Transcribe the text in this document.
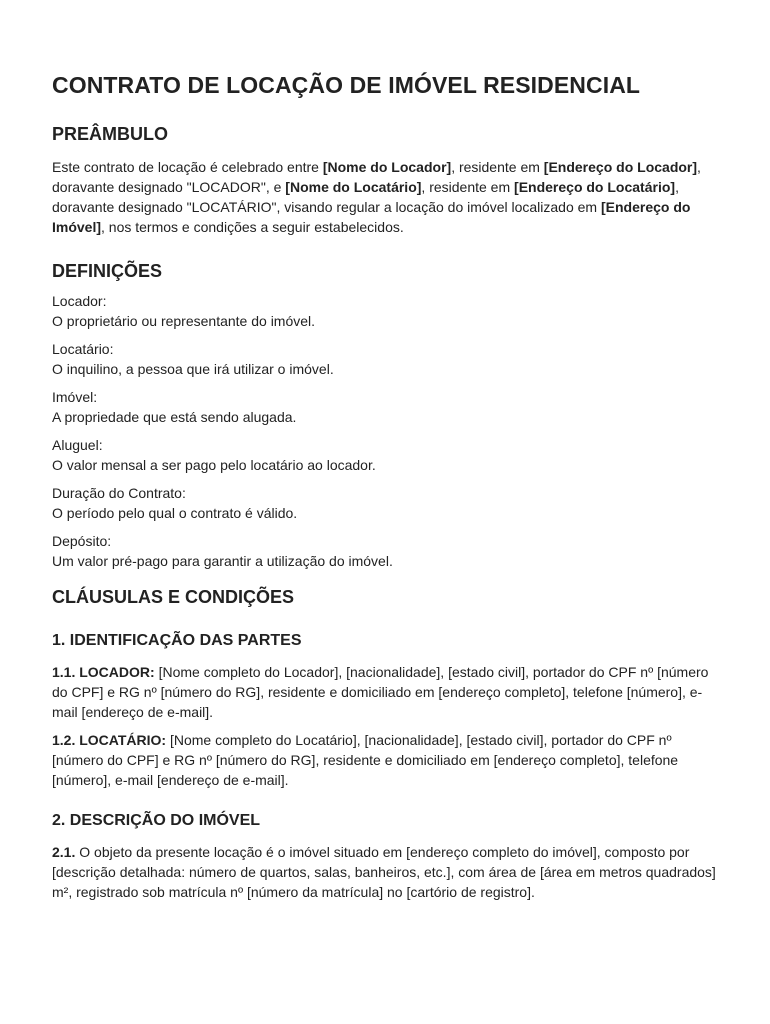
CONTRATO DE LOCAÇÃO DE IMÓVEL RESIDENCIAL
PREÂMBULO

Este contrato de locação é celebrado entre [Nome do Locador], residente em [Endereço do Locador], doravante designado "LOCADOR", e [Nome do Locatário], residente em [Endereço do Locatário], doravante designado "LOCATÁRIO", visando regular a locação do imóvel localizado em [Endereço do Imóvel], nos termos e condições a seguir estabelecidos.

DEFINIÇÕES

Locador:

O proprietário ou representante do imóvel.

Locatário:

O inquilino, a pessoa que irá utilizar o imóvel.

Imóvel:

A propriedade que está sendo alugada.

Aluguel:

O valor mensal a ser pago pelo locatário ao locador.

Duração do Contrato:

O período pelo qual o contrato é válido.

Depósito:

Um valor pré-pago para garantir a utilização do imóvel.

CLÁUSULAS E CONDIÇÕES
1. IDENTIFICAÇÃO DAS PARTES

1.1. LOCADOR: [Nome completo do Locador], [nacionalidade], [estado civil], portador do CPF nº [número do CPF] e RG nº [número do RG], residente e domiciliado em [endereço completo], telefone [número], e-mail [endereço de e-mail].

1.2. LOCATÁRIO: [Nome completo do Locatário], [nacionalidade], [estado civil], portador do CPF nº [número do CPF] e RG nº [número do RG], residente e domiciliado em [endereço completo], telefone [número], e-mail [endereço de e-mail].

2. DESCRIÇÃO DO IMÓVEL

2.1. O objeto da presente locação é o imóvel situado em [endereço completo do imóvel], composto por [descrição detalhada: número de quartos, salas, banheiros, etc.], com área de [área em metros quadrados] m², registrado sob matrícula nº [número da matrícula] no [cartório de registro].
